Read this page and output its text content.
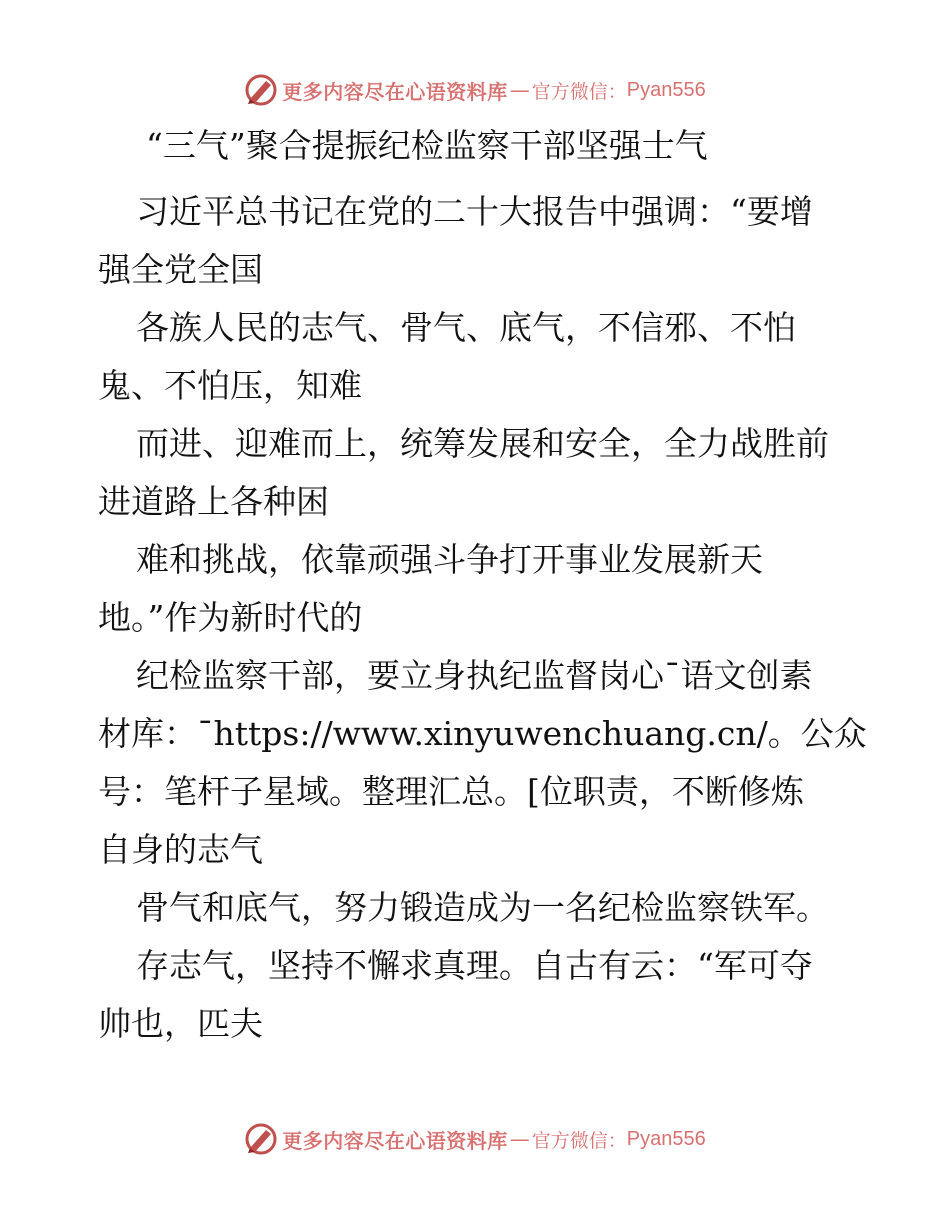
更多内容尽在心语资料库 — 官方微信： Pyan556
“三气”聚合提振纪检监察干部坚强士气

习近平总书记在党的二十大报告中强调：“要增
强全党全国

各族人民的志气、骨气、底气，不信邪、不怕
鬼、不怕压，知难

而进、迎难而上，统筹发展和安全，全力战胜前
进道路上各种困

难和挑战，依靠顽强斗争打开事业发展新天
地。”作为新时代的

纪检监察干部，要立身执纪监督岗心¯语文创素
材库：¯https://www.xinyuwenchuang.cn/。公众
号：笔杆子星域。整理汇总。[位职责，不断修炼
自身的志气

骨气和底气，努力锻造成为一名纪检监察铁军。

存志气，坚持不懈求真理。自古有云：“军可夺
帅也，匹夫

更多内容尽在心语资料库 — 官方微信： Pyan556
